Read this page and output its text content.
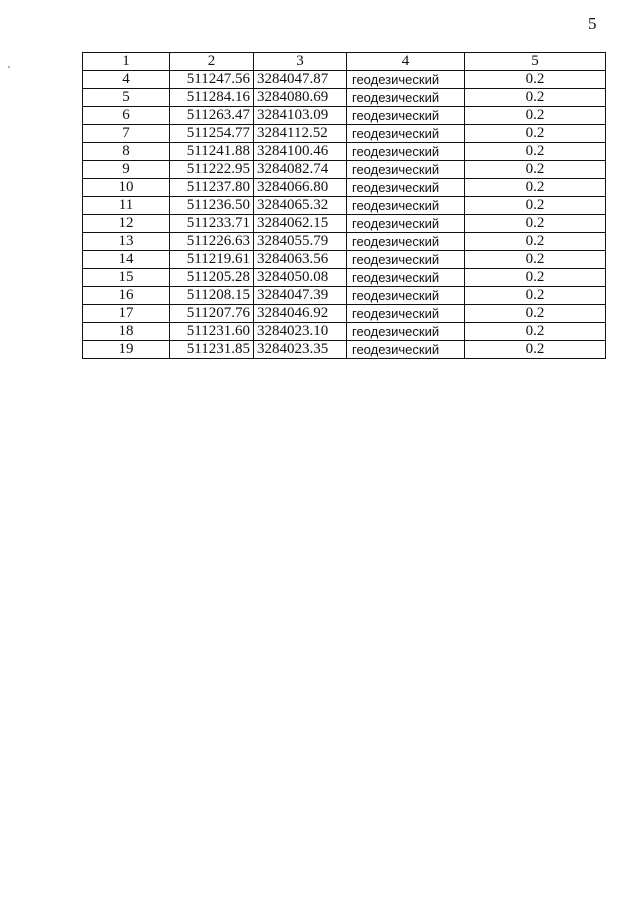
5
1	2	3	4	5
4	511247.56	3284047.87	геодезический	0.2
5	511284.16	3284080.69	геодезический	0.2
6	511263.47	3284103.09	геодезический	0.2
7	511254.77	3284112.52	геодезический	0.2
8	511241.88	3284100.46	геодезический	0.2
9	511222.95	3284082.74	геодезический	0.2
10	511237.80	3284066.80	геодезический	0.2
11	511236.50	3284065.32	геодезический	0.2
12	511233.71	3284062.15	геодезический	0.2
13	511226.63	3284055.79	геодезический	0.2
14	511219.61	3284063.56	геодезический	0.2
15	511205.28	3284050.08	геодезический	0.2
16	511208.15	3284047.39	геодезический	0.2
17	511207.76	3284046.92	геодезический	0.2
18	511231.60	3284023.10	геодезический	0.2
19	511231.85	3284023.35	геодезический	0.2
